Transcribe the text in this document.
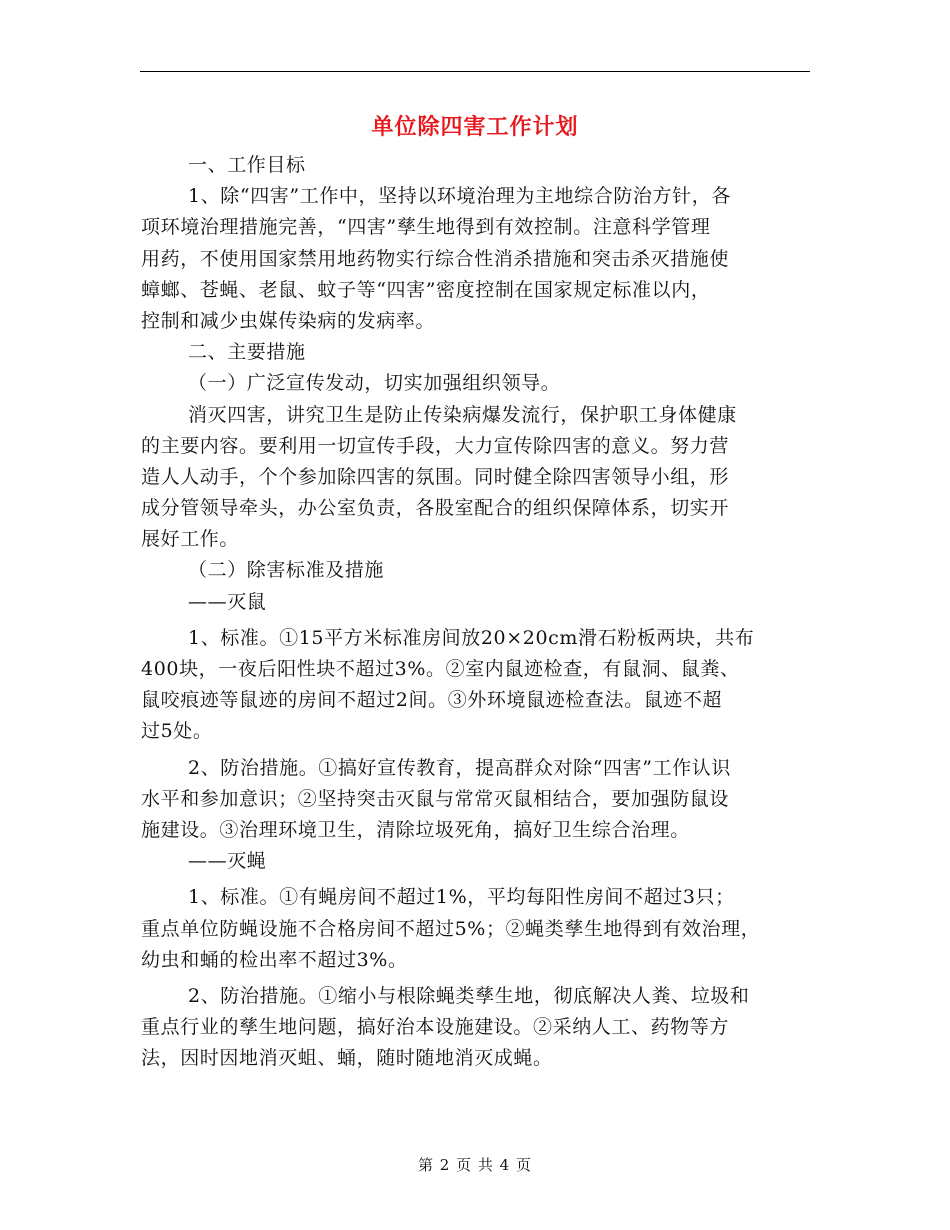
单位除四害工作计划
一、工作目标
1、除“四害”工作中，坚持以环境治理为主地综合防治方针，各
项环境治理措施完善，“四害”孳生地得到有效控制。注意科学管理
用药，不使用国家禁用地药物实行综合性消杀措施和突击杀灭措施使
蟑螂、苍蝇、老鼠、蚊子等“四害”密度控制在国家规定标准以内，
控制和减少虫媒传染病的发病率。
二、主要措施
（一）广泛宣传发动，切实加强组织领导。
消灭四害，讲究卫生是防止传染病爆发流行，保护职工身体健康
的主要内容。要利用一切宣传手段，大力宣传除四害的意义。努力营
造人人动手，个个参加除四害的氛围。同时健全除四害领导小组，形
成分管领导牵头，办公室负责，各股室配合的组织保障体系，切实开
展好工作。
（二）除害标准及措施
——灭鼠
1、标准。①15平方米标准房间放20×20cm滑石粉板两块，共布
400块，一夜后阳性块不超过3%。②室内鼠迹检查，有鼠洞、鼠粪、
鼠咬痕迹等鼠迹的房间不超过2间。③外环境鼠迹检查法。鼠迹不超
过5处。
2、防治措施。①搞好宣传教育，提高群众对除“四害”工作认识
水平和参加意识；②坚持突击灭鼠与常常灭鼠相结合，要加强防鼠设
施建设。③治理环境卫生，清除垃圾死角，搞好卫生综合治理。
——灭蝇
1、标准。①有蝇房间不超过1%，平均每阳性房间不超过3只；
重点单位防蝇设施不合格房间不超过5%；②蝇类孳生地得到有效治理，
幼虫和蛹的检出率不超过3%。
2、防治措施。①缩小与根除蝇类孳生地，彻底解决人粪、垃圾和
重点行业的孳生地问题，搞好治本设施建设。②采纳人工、药物等方
法，因时因地消灭蛆、蛹，随时随地消灭成蝇。
第 2 页 共 4 页
